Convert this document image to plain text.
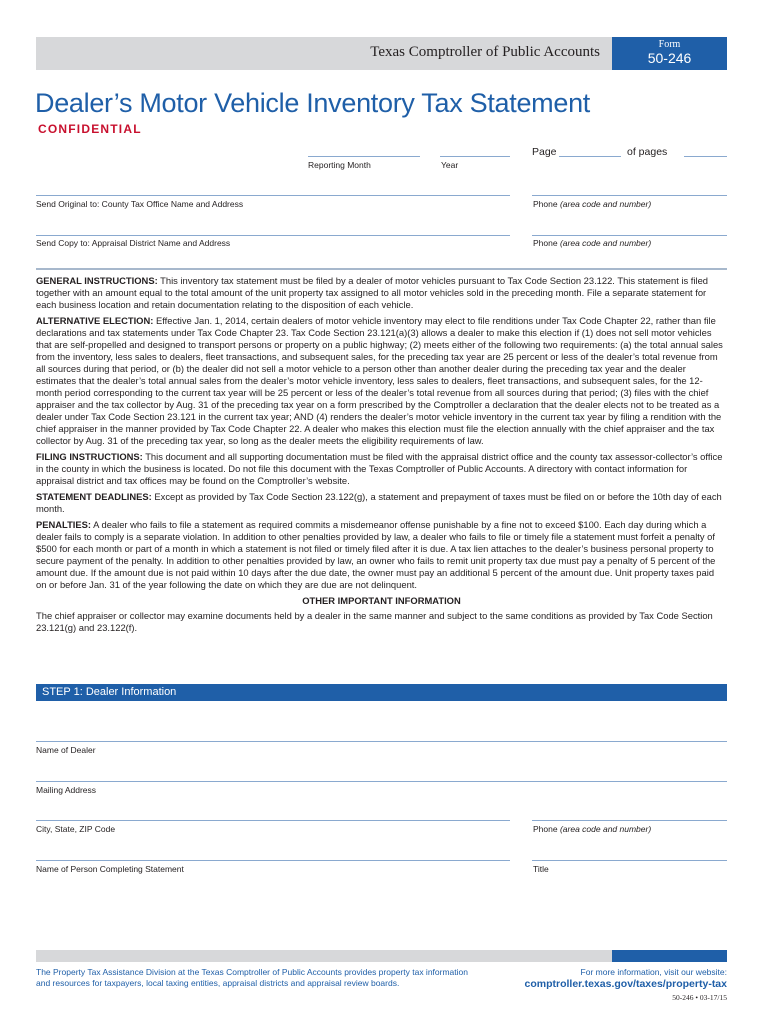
Texas Comptroller of Public Accounts	Form
50-246
Dealer’s Motor Vehicle Inventory Tax Statement
CONFIDENTIAL
Page	of pages
Reporting Month	Year
Send Original to: County Tax Office Name and Address	Phone (area code and number)
Send Copy to: Appraisal District Name and Address	Phone (area code and number)

GENERAL INSTRUCTIONS: This inventory tax statement must be filed by a dealer of motor vehicles pursuant to Tax Code Section 23.122. This statement is filed together with an amount equal to the total amount of the unit property tax assigned to all motor vehicles sold in the preceding month. File a separate statement for each business location and retain documentation relating to the disposition of each vehicle.

ALTERNATIVE ELECTION: Effective Jan. 1, 2014, certain dealers of motor vehicle inventory may elect to file renditions under Tax Code Chapter 22, rather than file declarations and tax statements under Tax Code Chapter 23. Tax Code Section 23.121(a)(3) allows a dealer to make this election if (1) does not sell motor vehicles that are self-propelled and designed to transport persons or property on a public highway; (2) meets either of the following two requirements: (a) the total annual sales from the inventory, less sales to dealers, fleet transactions, and subsequent sales, for the preceding tax year are 25 percent or less of the dealer’s total revenue from all sources during that period, or (b) the dealer did not sell a motor vehicle to a person other than another dealer during the preceding tax year and the dealer estimates that the dealer’s total annual sales from the dealer’s motor vehicle inventory, less sales to dealers, fleet transactions, and subsequent sales, for the 12-month period corresponding to the current tax year will be 25 percent or less of the dealer’s total revenue from all sources during that period; (3) files with the chief appraiser and the tax collector by Aug. 31 of the preceding tax year on a form prescribed by the Comptroller a declaration that the dealer elects not to be treated as a dealer under Tax Code Section 23.121 in the current tax year; AND (4) renders the dealer’s motor vehicle inventory in the current tax year by filing a rendition with the chief appraiser in the manner provided by Tax Code Chapter 22. A dealer who makes this election must file the election annually with the chief appraiser and the tax collector by Aug. 31 of the preceding tax year, so long as the dealer meets the eligibility requirements of law.

FILING INSTRUCTIONS: This document and all supporting documentation must be filed with the appraisal district office and the county tax assessor-collector’s office in the county in which the business is located. Do not file this document with the Texas Comptroller of Public Accounts. A directory with contact information for appraisal district and tax offices may be found on the Comptroller’s website.

STATEMENT DEADLINES: Except as provided by Tax Code Section 23.122(g), a statement and prepayment of taxes must be filed on or before the 10th day of each month.

PENALTIES: A dealer who fails to file a statement as required commits a misdemeanor offense punishable by a fine not to exceed $100. Each day during which a dealer fails to comply is a separate violation. In addition to other penalties provided by law, a dealer who fails to file or timely file a statement must forfeit a penalty of $500 for each month or part of a month in which a statement is not filed or timely filed after it is due. A tax lien attaches to the dealer’s business personal property to secure payment of the penalty. In addition to other penalties provided by law, an owner who fails to remit unit property tax due must pay a penalty of 5 percent of the amount due. If the amount due is not paid within 10 days after the due date, the owner must pay an additional 5 percent of the amount due. Unit property taxes paid on or before Jan. 31 of the year following the date on which they are due are not delinquent.

OTHER IMPORTANT INFORMATION

The chief appraiser or collector may examine documents held by a dealer in the same manner and subject to the same conditions as provided by Tax Code Section 23.121(g) and 23.122(f).

STEP 1: Dealer Information
Name of Dealer
Mailing Address
City, State, ZIP Code	Phone (area code and number)
Name of Person Completing Statement	Title
The Property Tax Assistance Division at the Texas Comptroller of Public Accounts provides property tax information and resources for taxpayers, local taxing entities, appraisal districts and appraisal review boards.
For more information, visit our website:
comptroller.texas.gov/taxes/property-tax
50-246 • 03-17/15
